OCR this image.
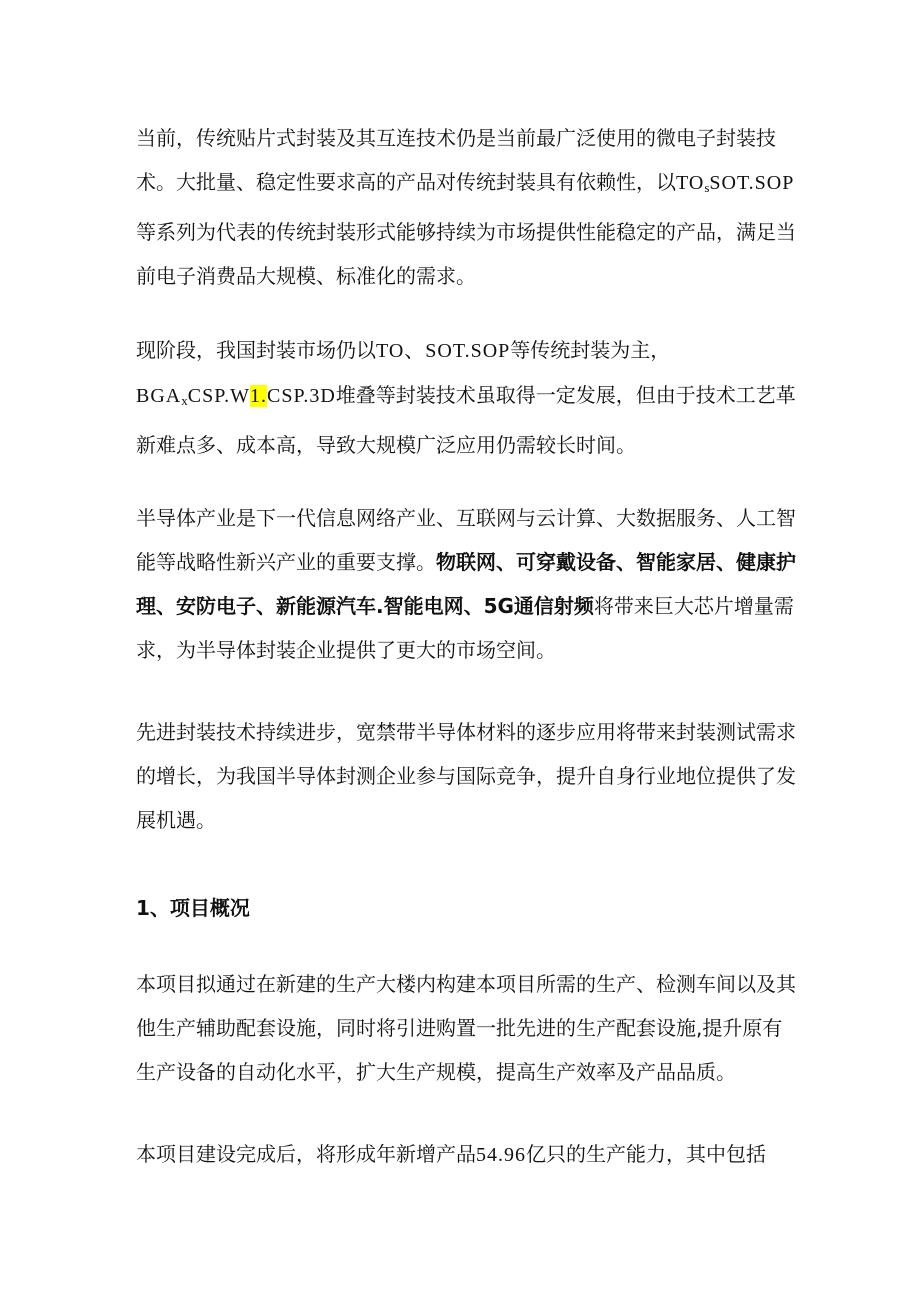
当前，传统贴片式封装及其互连技术仍是当前最广泛使用的微电子封装技术。大批量、稳定性要求高的产品对传统封装具有依赖性，以$TO_sSOT.SOP$等系列为代表的传统封装形式能够持续为市场提供性能稳定的产品，满足当前电子消费品大规模、标准化的需求。

现阶段，我国封装市场仍以TO、SOT.SOP等传统封装为主，
$BGA_xCSP.W1.CSP.3D$堆叠等封装技术虽取得一定发展，但由于技术工艺革新难点多、成本高，导致大规模广泛应用仍需较长时间。

半导体产业是下一代信息网络产业、互联网与云计算、大数据服务、人工智能等战略性新兴产业的重要支撑。物联网、可穿戴设备、智能家居、健康护理、安防电子、新能源汽车.智能电网、5G通信射频将带来巨大芯片增量需求，为半导体封装企业提供了更大的市场空间。

先进封装技术持续进步，宽禁带半导体材料的逐步应用将带来封装测试需求的增长，为我国半导体封测企业参与国际竞争，提升自身行业地位提供了发展机遇。

1、项目概况

本项目拟通过在新建的生产大楼内构建本项目所需的生产、检测车间以及其他生产辅助配套设施，同时将引进购置一批先进的生产配套设施,提升原有生产设备的自动化水平，扩大生产规模，提高生产效率及产品品质。

本项目建设完成后，将形成年新增产品54.96亿只的生产能力，其中包括
